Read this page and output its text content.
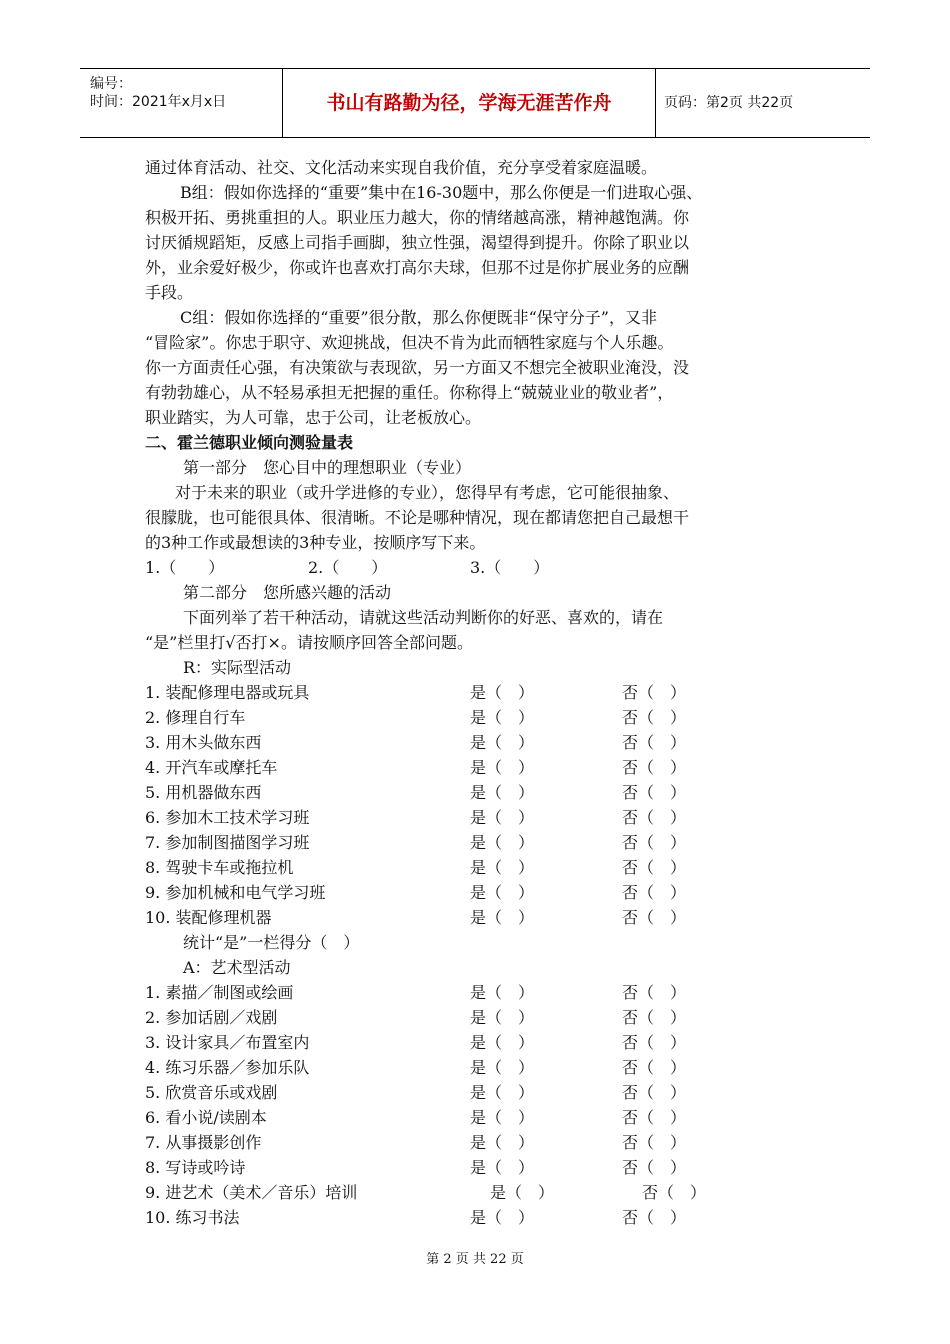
编号：
时间：2021年x月x日	书山有路勤为径，学海无涯苦作舟	页码：第2页 共22页
通过体育活动、社交、文化活动来实现自我价值，充分享受着家庭温暖。
B组：假如你选择的“重要”集中在16-30题中，那么你便是一们进取心强、
积极开拓、勇挑重担的人。职业压力越大，你的情绪越高涨，精神越饱满。你
讨厌循规蹈矩，反感上司指手画脚，独立性强，渴望得到提升。你除了职业以
外，业余爱好极少，你或许也喜欢打高尔夫球，但那不过是你扩展业务的应酬
手段。
C组：假如你选择的“重要”很分散，那么你便既非“保守分子”，又非
“冒险家”。你忠于职守、欢迎挑战，但决不肯为此而牺牲家庭与个人乐趣。
你一方面责任心强，有决策欲与表现欲，另一方面又不想完全被职业淹没，没
有勃勃雄心，从不轻易承担无把握的重任。你称得上“兢兢业业的敬业者”，
职业踏实，为人可靠，忠于公司，让老板放心。
二、霍兰德职业倾向测验量表
第一部分　您心目中的理想职业（专业）
对于未来的职业（或升学进修的专业），您得早有考虑，它可能很抽象、
很朦胧，也可能很具体、很清晰。不论是哪种情况，现在都请您把自己最想干
的3种工作或最想读的3种专业，按顺序写下来。
1.（　　）	2.（　　）	3.（　　）
第二部分　您所感兴趣的活动
下面列举了若干种活动，请就这些活动判断你的好恶、喜欢的，请在
“是”栏里打√否打×。请按顺序回答全部问题。
R：实际型活动
1. 装配修理电器或玩具	是（　）	否（　）
2. 修理自行车	是（　）	否（　）
3. 用木头做东西	是（　）	否（　）
4. 开汽车或摩托车	是（　）	否（　）
5. 用机器做东西	是（　）	否（　）
6. 参加木工技术学习班	是（　）	否（　）
7. 参加制图描图学习班	是（　）	否（　）
8. 驾驶卡车或拖拉机	是（　）	否（　）
9. 参加机械和电气学习班	是（　）	否（　）
10. 装配修理机器	是（　）	否（　）
统计“是”一栏得分（　）
A：艺术型活动
1. 素描／制图或绘画	是（　）	否（　）
2. 参加话剧／戏剧	是（　）	否（　）
3. 设计家具／布置室内	是（　）	否（　）
4. 练习乐器／参加乐队	是（　）	否（　）
5. 欣赏音乐或戏剧	是（　）	否（　）
6. 看小说/读剧本	是（　）	否（　）
7. 从事摄影创作	是（　）	否（　）
8. 写诗或吟诗	是（　）	否（　）
9. 进艺术（美术／音乐）培训	是（　）	否（　）
10. 练习书法	是（　）	否（　）
第 2 页 共 22 页
